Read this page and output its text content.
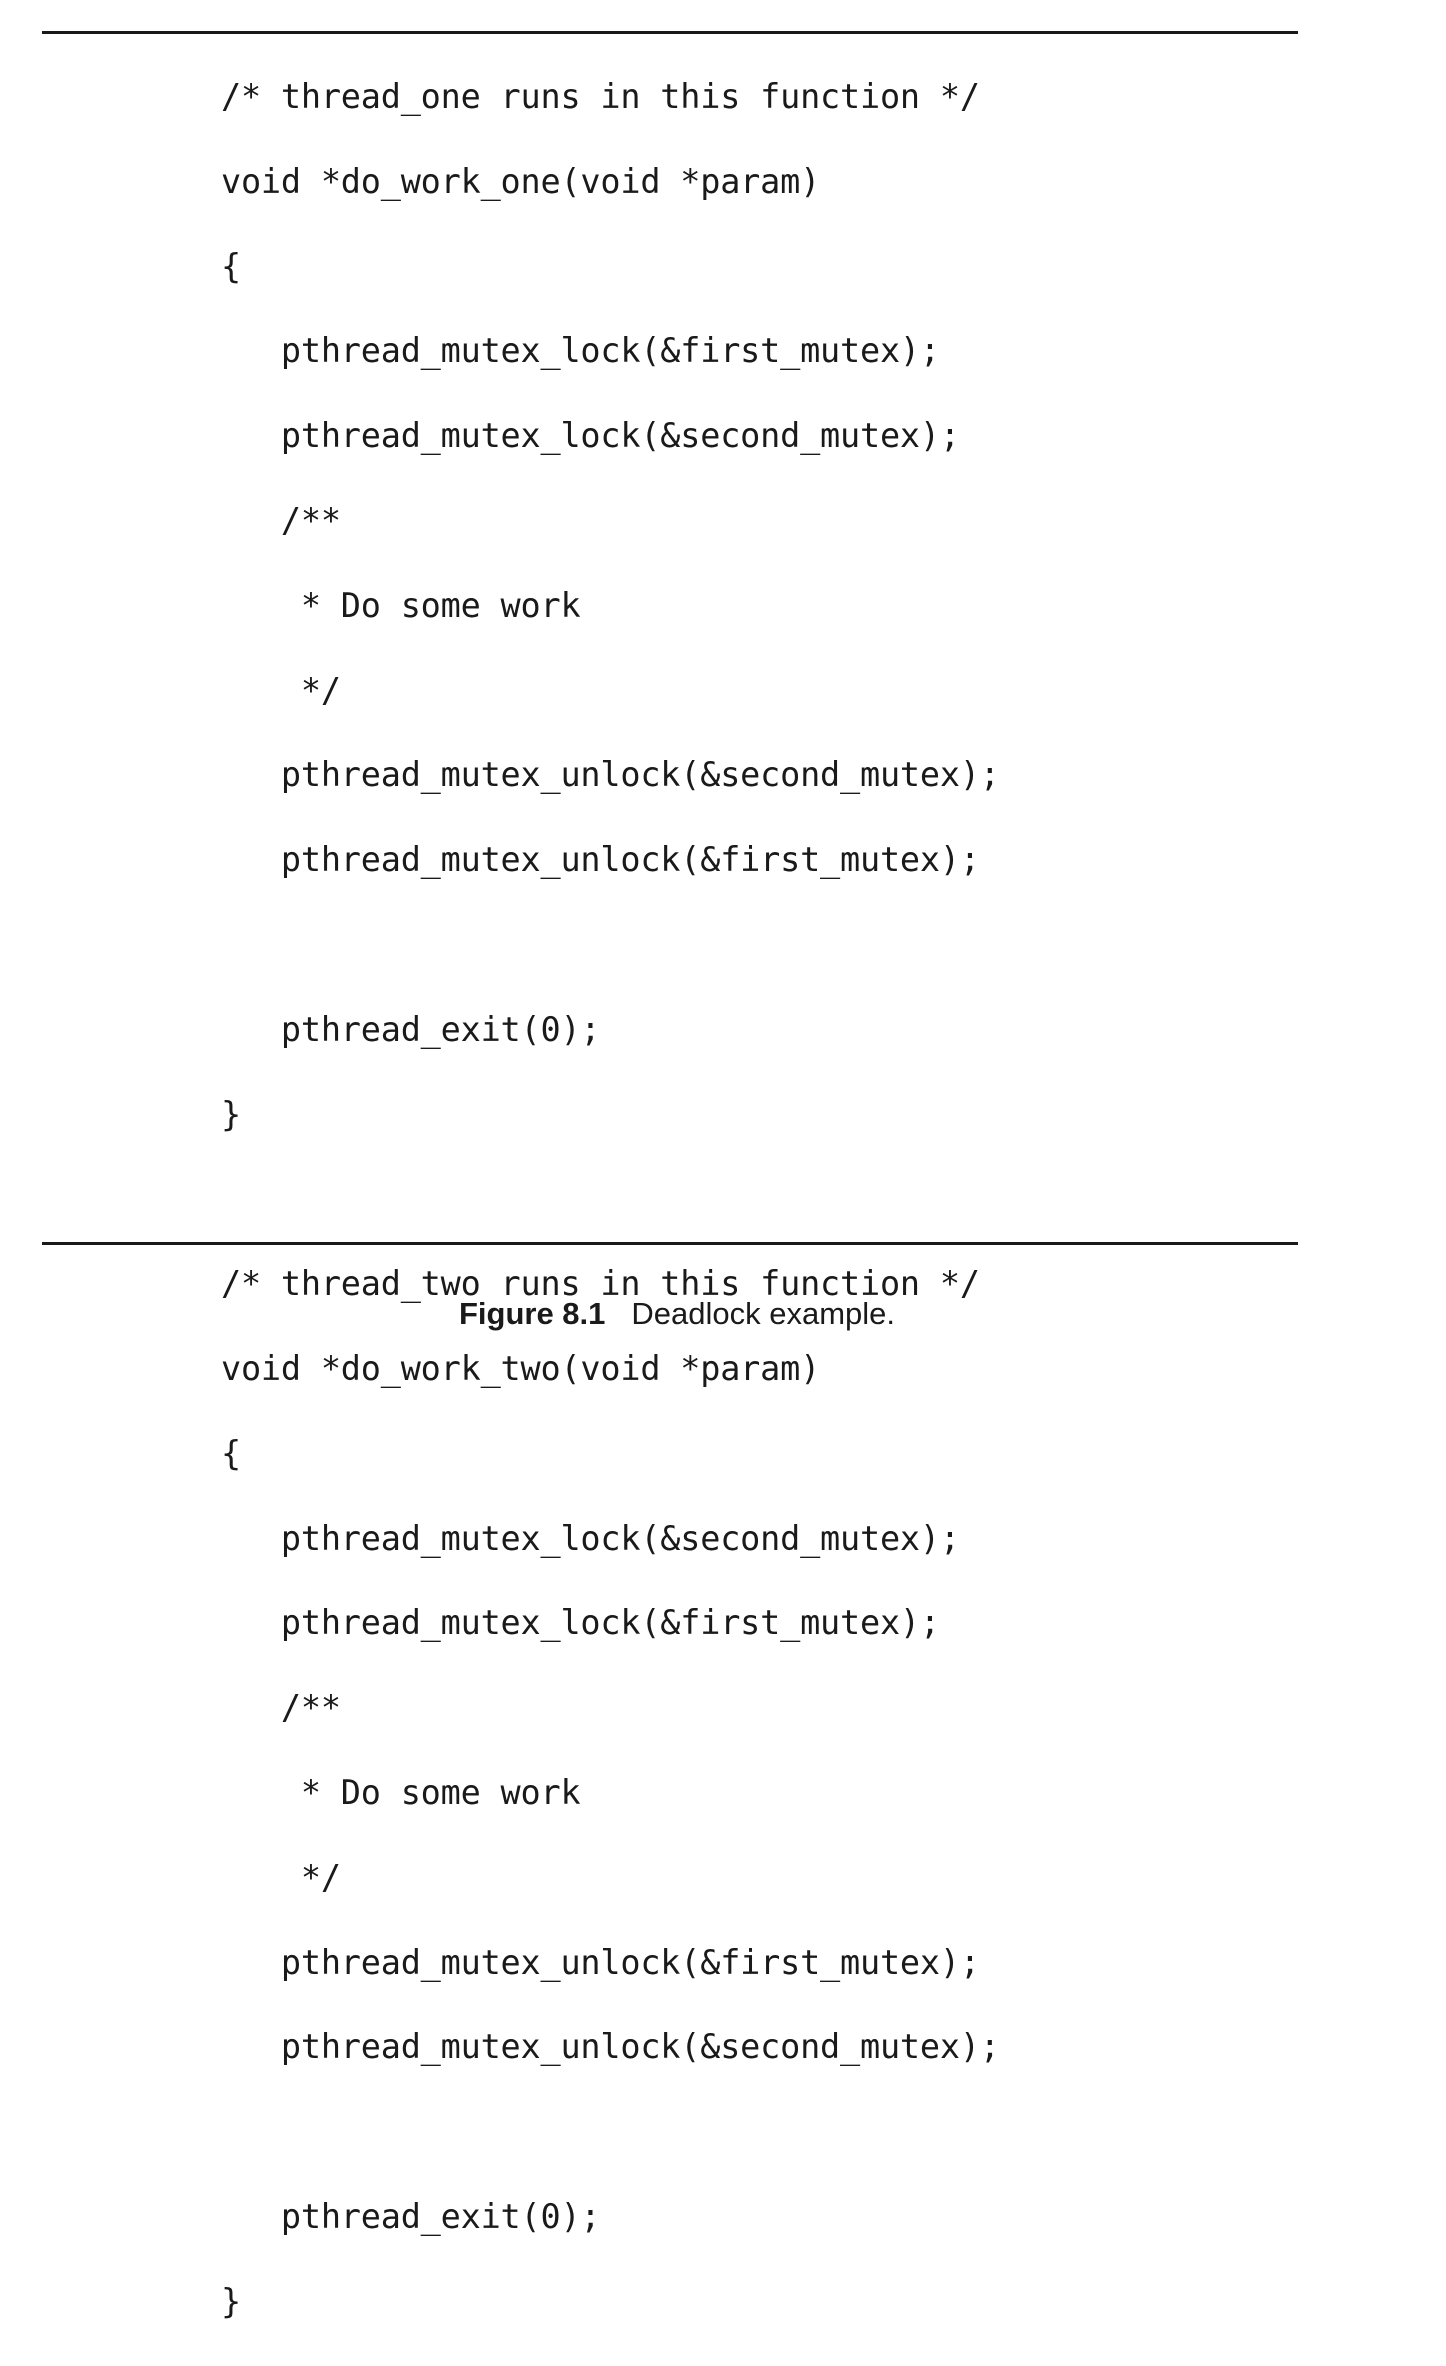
/* thread_one runs in this function */

void *do_work_one(void *param)

{

pthread_mutex_lock(&first_mutex);

pthread_mutex_lock(&second_mutex);

/**

* Do some work

*/

pthread_mutex_unlock(&second_mutex);

pthread_mutex_unlock(&first_mutex);

pthread_exit(0);

}

/* thread_two runs in this function */

void *do_work_two(void *param)

{

pthread_mutex_lock(&second_mutex);

pthread_mutex_lock(&first_mutex);

/**

* Do some work

*/

pthread_mutex_unlock(&first_mutex);

pthread_mutex_unlock(&second_mutex);

pthread_exit(0);

}

Figure 8.1 Deadlock example.
